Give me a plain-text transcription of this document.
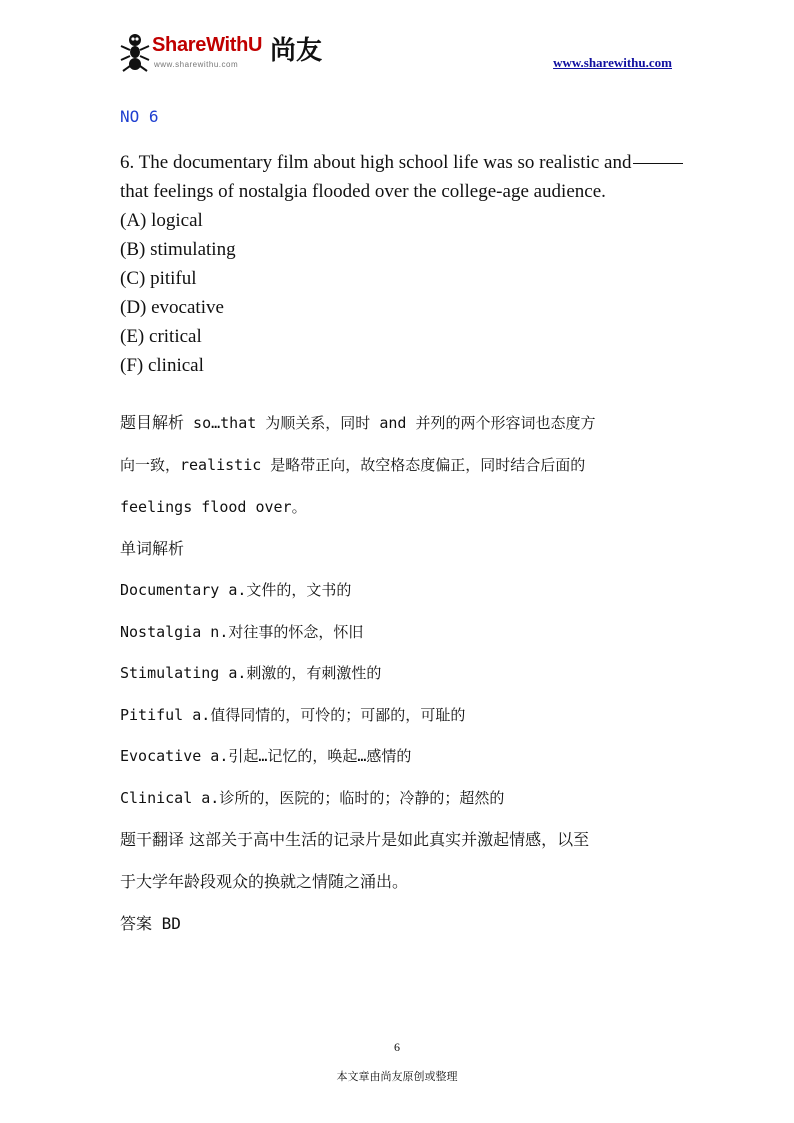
ShareWithU 尚友
www.sharewithu.com	www.sharewithu.com
NO 6
6. The documentary film about high school life was so realistic and
that feelings of nostalgia flooded over the college-age audience.
(A) logical
(B) stimulating
(C) pitiful
(D) evocative
(E) critical
(F) clinical
题目解析 so…that 为顺关系，同时 and 并列的两个形容词也态度方
向一致，realistic 是略带正向，故空格态度偏正，同时结合后面的
feelings flood over。
单词解析
Documentary a.文件的，文书的
Nostalgia n.对往事的怀念，怀旧
Stimulating a.刺激的，有刺激性的
Pitiful a.值得同情的，可怜的；可鄙的，可耻的
Evocative a.引起…记忆的，唤起…感情的
Clinical a.诊所的，医院的；临时的；冷静的；超然的
题干翻译 这部关于高中生活的记录片是如此真实并激起情感，以至
于大学年龄段观众的换就之情随之涌出。
答案 BD
6
本文章由尚友原创或整理
